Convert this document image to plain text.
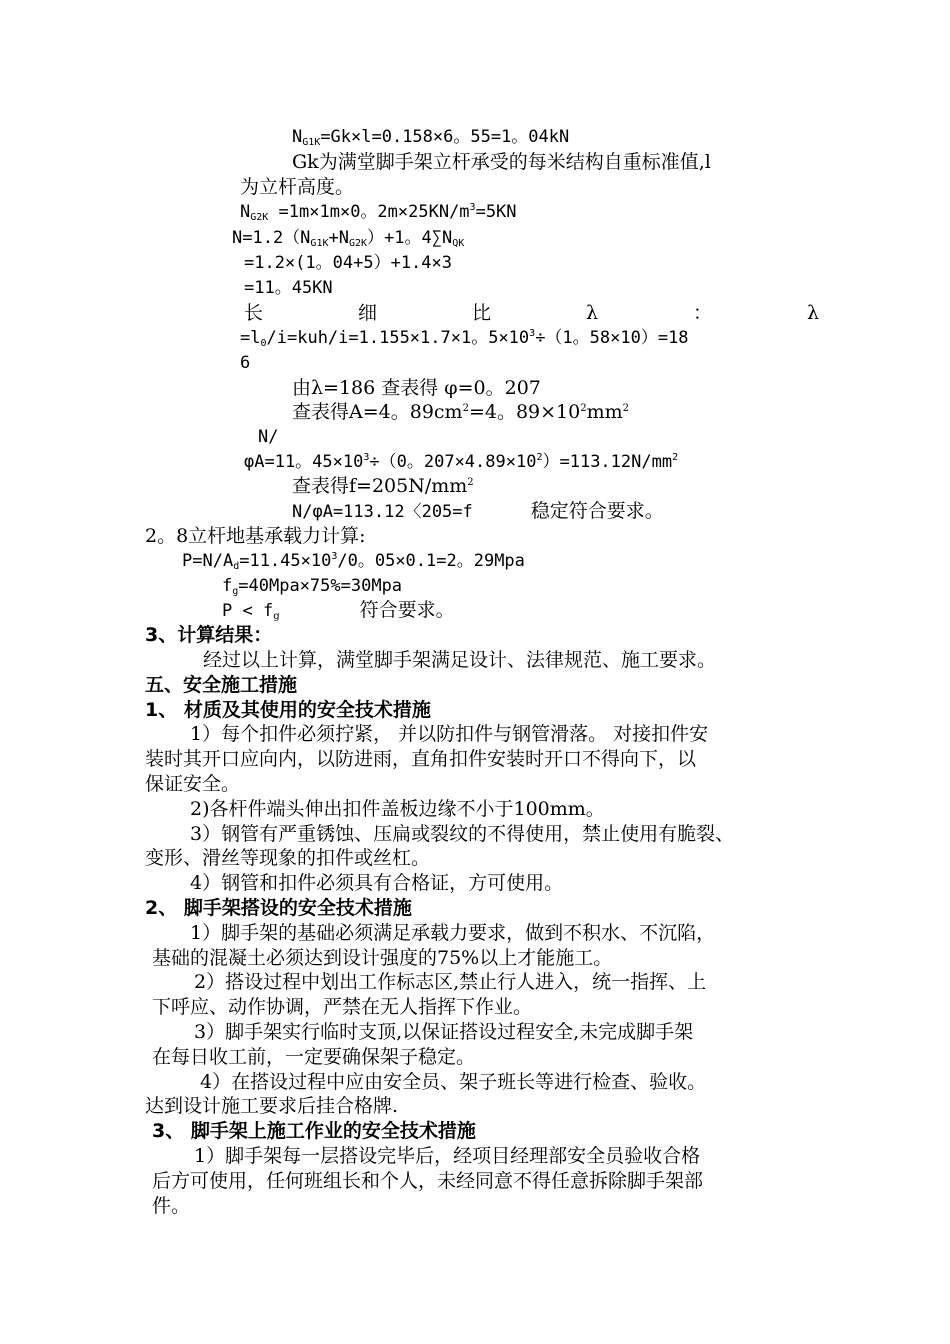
$N_{G1K}=Gk\times l=0.158\times 6$。55=1。04kN
Gk为满堂脚手架立杆承受的每米结构自重标准值,l
为立杆高度。
$N_{G2K} =1m\times 1m\times 0$。$2m\times 25KN/m^3=5KN$
$N=1.2(N_{G1K}+N_{G2K})+1$。$4\sum N_{QK}$
=1.2×(1。04+5）+1.4×3
=11。45KN
长	细	比	λ	：	λ
$=l_0/i=kuh/i=1.155\times 1.7\times 1$。$5\times 10^3\div(1$。58×10）=18
6
由λ=186 查表得 φ=0。207
查表得A=4。$89cm^2=4$。$89\times 10^2mm^2$
N/
φA=11。$45\times 10^3\div(0$。$207\times 4.89\times 10^2)=113.12N/mm^2$
查表得$f=205N/mm^2$
N/φA=113.12〈205=f	稳定符合要求。
2。8立杆地基承载力计算:
$P=N/A_d=11.45\times 10^3/0$。05×0.1=2。29Mpa
$f_g=40Mpa\times 75\%=30Mpa$
$P < f_g$	符合要求。
3、计算结果：
经过以上计算，满堂脚手架满足设计、法律规范、施工要求。
五、安全施工措施
1、 材质及其使用的安全技术措施
1）每个扣件必须拧紧， 并以防扣件与钢管滑落。 对接扣件安
装时其开口应向内，以防进雨，直角扣件安装时开口不得向下，以
保证安全。
2)各杆件端头伸出扣件盖板边缘不小于100mm。
3）钢管有严重锈蚀、压扁或裂纹的不得使用，禁止使用有脆裂、
变形、滑丝等现象的扣件或丝杠。
4）钢管和扣件必须具有合格证，方可使用。
2、 脚手架搭设的安全技术措施
1）脚手架的基础必须满足承载力要求，做到不积水、不沉陷，
基础的混凝土必须达到设计强度的75%以上才能施工。
2）搭设过程中划出工作标志区,禁止行人进入，统一指挥、上
下呼应、动作协调，严禁在无人指挥下作业。
3）脚手架实行临时支顶,以保证搭设过程安全,未完成脚手架
在每日收工前，一定要确保架子稳定。
4）在搭设过程中应由安全员、架子班长等进行检查、验收。
达到设计施工要求后挂合格牌.
3、 脚手架上施工作业的安全技术措施
1）脚手架每一层搭设完毕后，经项目经理部安全员验收合格
后方可使用，任何班组长和个人，未经同意不得任意拆除脚手架部
件。
